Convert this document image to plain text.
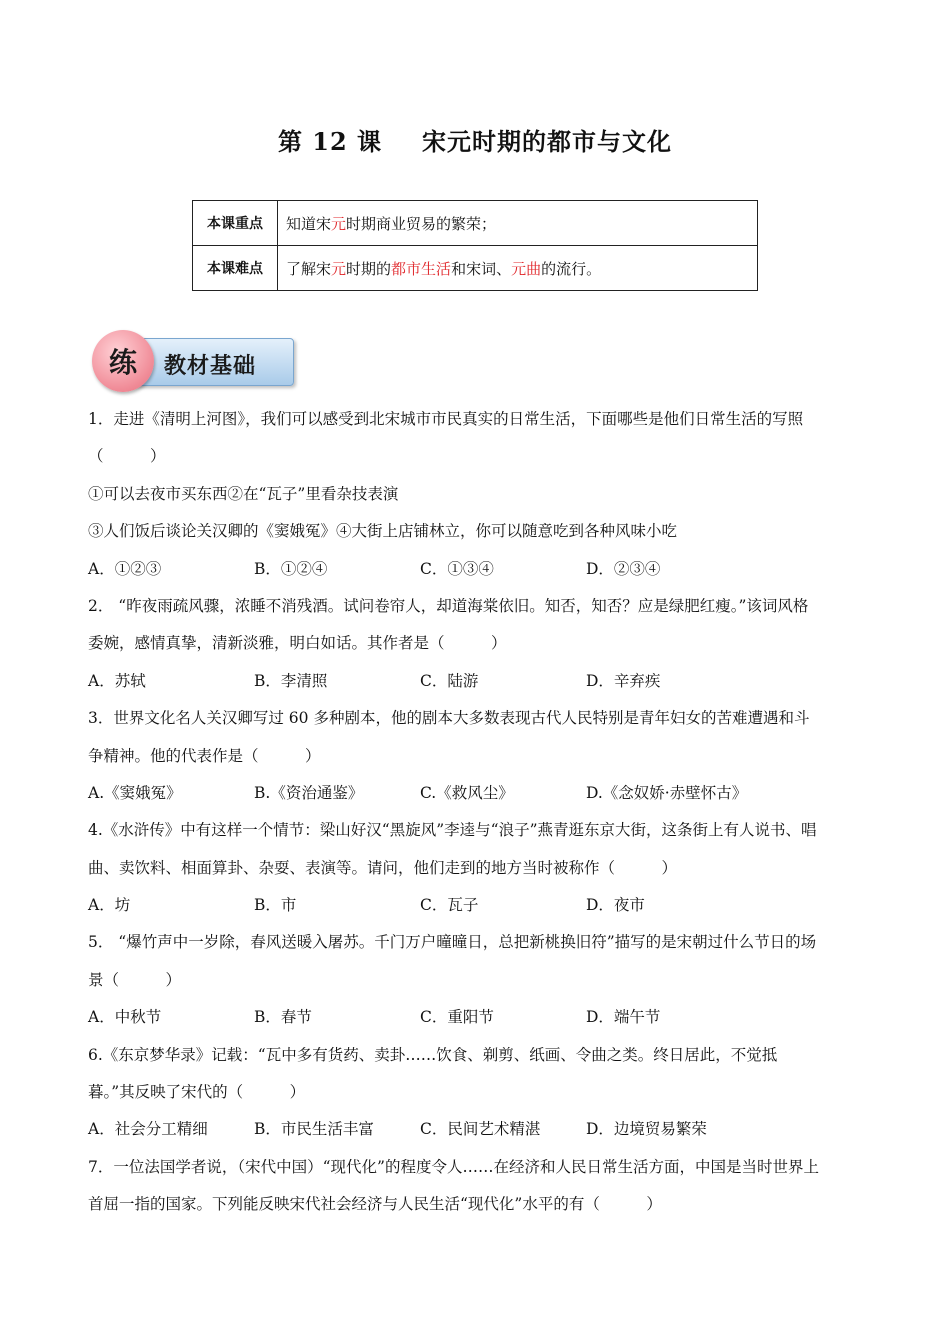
第 12 课 宋元时期的都市与文化
本课重点	知道宋元时期商业贸易的繁荣；
本课难点	了解宋元时期的都市生活和宋词、元曲的流行。
练	教材基础
1．走进《清明上河图》，我们可以感受到北宋城市市民真实的日常生活，下面哪些是他们日常生活的写照
（　　　）
①可以去夜市买东西②在“瓦子”里看杂技表演
③人们饭后谈论关汉卿的《窦娥冤》④大街上店铺林立，你可以随意吃到各种风味小吃
A．①②③	B．①②④	C．①③④	D．②③④
2． “昨夜雨疏风骤，浓睡不消残酒。试问卷帘人，却道海棠依旧。知否，知否？应是绿肥红瘦。”该词风格
委婉，感情真挚，清新淡雅，明白如话。其作者是（　　　）
A．苏轼	B．李清照	C．陆游	D．辛弃疾
3．世界文化名人关汉卿写过 60 多种剧本，他的剧本大多数表现古代人民特别是青年妇女的苦难遭遇和斗
争精神。他的代表作是（　　　）
A.《窦娥冤》	B.《资治通鉴》	C.《救风尘》	D.《念奴娇·赤壁怀古》
4.《水浒传》中有这样一个情节：梁山好汉“黑旋风”李逵与“浪子”燕青逛东京大街，这条街上有人说书、唱
曲、卖饮料、相面算卦、杂耍、表演等。请问，他们走到的地方当时被称作（　　　）
A．坊	B．市	C．瓦子	D．夜市
5． “爆竹声中一岁除，春风送暖入屠苏。千门万户曈曈日，总把新桃换旧符”描写的是宋朝过什么节日的场
景（　　　）
A．中秋节	B．春节	C．重阳节	D．端午节
6.《东京梦华录》记载：“瓦中多有货药、卖卦……饮食、剃剪、纸画、令曲之类。终日居此，不觉抵
暮。”其反映了宋代的（　　　）
A．社会分工精细	B．市民生活丰富	C．民间艺术精湛	D．边境贸易繁荣
7．一位法国学者说，（宋代中国）“现代化”的程度令人……在经济和人民日常生活方面，中国是当时世界上
首屈一指的国家。下列能反映宋代社会经济与人民生活“现代化”水平的有（　　　）
